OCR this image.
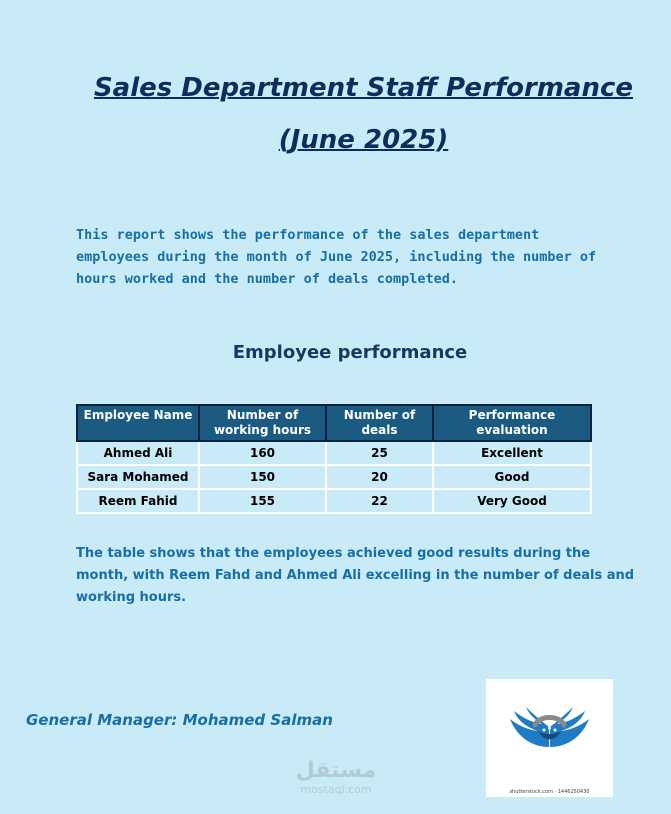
Sales Department Staff Performance
(June 2025)
This report shows the performance of the sales department employees during the month of June 2025, including the number of hours worked and the number of deals completed.
Employee performance
Employee Name	Number of working hours	Number of deals	Performance evaluation
Ahmed Ali	160	25	Excellent
Sara Mohamed	150	20	Good
Reem Fahid	155	22	Very Good
The table shows that the employees achieved good results during the month, with Reem Fahd and Ahmed Ali excelling in the number of deals and working hours.
General Manager: Mohamed Salman
shutterstock.com · 1446250430
مستقل
mostaql.com
